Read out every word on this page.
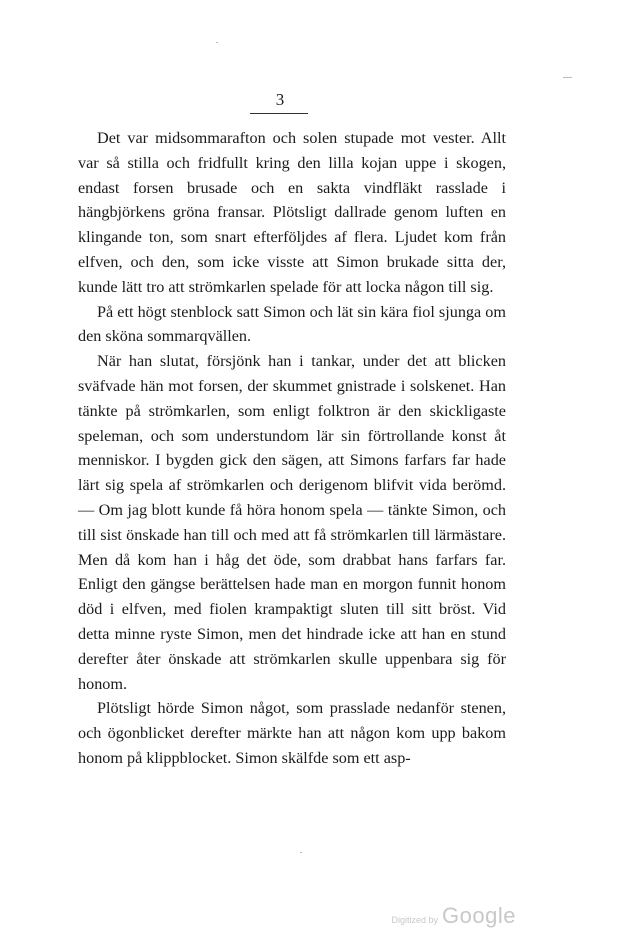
3

Det var midsommarafton och solen stupade mot vester. Allt var så stilla och fridfullt kring den lilla kojan uppe i skogen, endast forsen brusade och en sakta vindfläkt rasslade i hängbjörkens gröna fransar. Plötsligt dallrade genom luften en klingande ton, som snart efterföljdes af flera. Ljudet kom från elfven, och den, som icke visste att Simon brukade sitta der, kunde lätt tro att strömkarlen spelade för att locka någon till sig.

På ett högt stenblock satt Simon och lät sin kära fiol sjunga om den sköna sommarqvällen.

När han slutat, försjönk han i tankar, under det att blicken sväfvade hän mot forsen, der skummet gnistrade i solskenet. Han tänkte på strömkarlen, som enligt folktron är den skickligaste speleman, och som understundom lär sin förtrollande konst åt menniskor. I bygden gick den sägen, att Simons farfars far hade lärt sig spela af strömkarlen och derigenom blifvit vida berömd. — Om jag blott kunde få höra honom spela — tänkte Simon, och till sist önskade han till och med att få strömkarlen till lärmästare. Men då kom han i håg det öde, som drabbat hans farfars far. Enligt den gängse berättelsen hade man en morgon funnit honom död i elfven, med fiolen krampaktigt sluten till sitt bröst. Vid detta minne ryste Simon, men det hindrade icke att han en stund derefter åter önskade att strömkarlen skulle uppenbara sig för honom.

Plötsligt hörde Simon något, som prasslade nedanför stenen, och ögonblicket derefter märkte han att någon kom upp bakom honom på klippblocket. Simon skälfde som ett asp-

Digitized by Google
